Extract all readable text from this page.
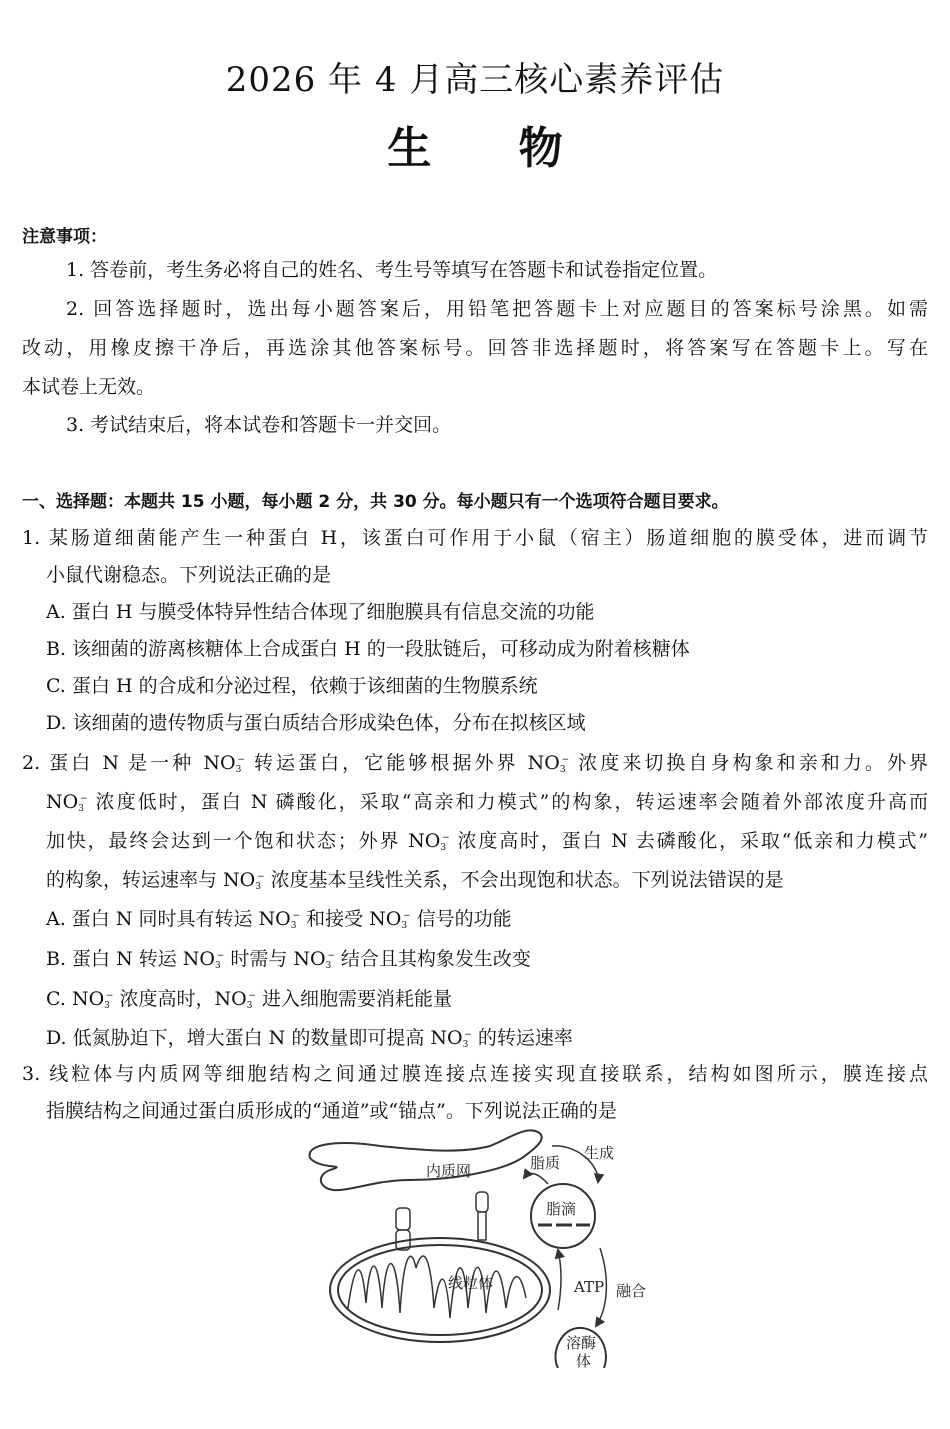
2026 年 4 月高三核心素养评估
生 物
注意事项：
1. 答卷前，考生务必将自己的姓名、考生号等填写在答题卡和试卷指定位置。
2. 回答选择题时，选出每小题答案后，用铅笔把答题卡上对应题目的答案标号涂黑。如需
改动，用橡皮擦干净后，再选涂其他答案标号。回答非选择题时，将答案写在答题卡上。写在
本试卷上无效。
3. 考试结束后，将本试卷和答题卡一并交回。
一、选择题：本题共 15 小题，每小题 2 分，共 30 分。每小题只有一个选项符合题目要求。
1. 某肠道细菌能产生一种蛋白 H，该蛋白可作用于小鼠（宿主）肠道细胞的膜受体，进而调节
小鼠代谢稳态。下列说法正确的是
A. 蛋白 H 与膜受体特异性结合体现了细胞膜具有信息交流的功能
B. 该细菌的游离核糖体上合成蛋白 H 的一段肽链后，可移动成为附着核糖体
C. 蛋白 H 的合成和分泌过程，依赖于该细菌的生物膜系统
D. 该细菌的遗传物质与蛋白质结合形成染色体，分布在拟核区域
2. 蛋白 N 是一种 $NO_3^-$ 转运蛋白，它能够根据外界 $NO_3^-$ 浓度来切换自身构象和亲和力。外界
$NO_3^-$ 浓度低时，蛋白 N 磷酸化，采取“高亲和力模式”的构象，转运速率会随着外部浓度升高而
加快，最终会达到一个饱和状态；外界 $NO_3^-$ 浓度高时，蛋白 N 去磷酸化，采取“低亲和力模式”
的构象，转运速率与 $NO_3^-$ 浓度基本呈线性关系，不会出现饱和状态。下列说法错误的是
A. 蛋白 N 同时具有转运 $NO_3^-$ 和接受 $NO_3^-$ 信号的功能
B. 蛋白 N 转运 $NO_3^-$ 时需与 $NO_3^-$ 结合且其构象发生改变
C. $NO_3^-$ 浓度高时，$NO_3^-$ 进入细胞需要消耗能量
D. 低氮胁迫下，增大蛋白 N 的数量即可提高 $NO_3^-$ 的转运速率
3. 线粒体与内质网等细胞结构之间通过膜连接点连接实现直接联系，结构如图所示，膜连接点
指膜结构之间通过蛋白质形成的“通道”或“锚点”。下列说法正确的是
内质网	脂质
生成
脂滴
线粒体	ATP 融合
溶酶
体
